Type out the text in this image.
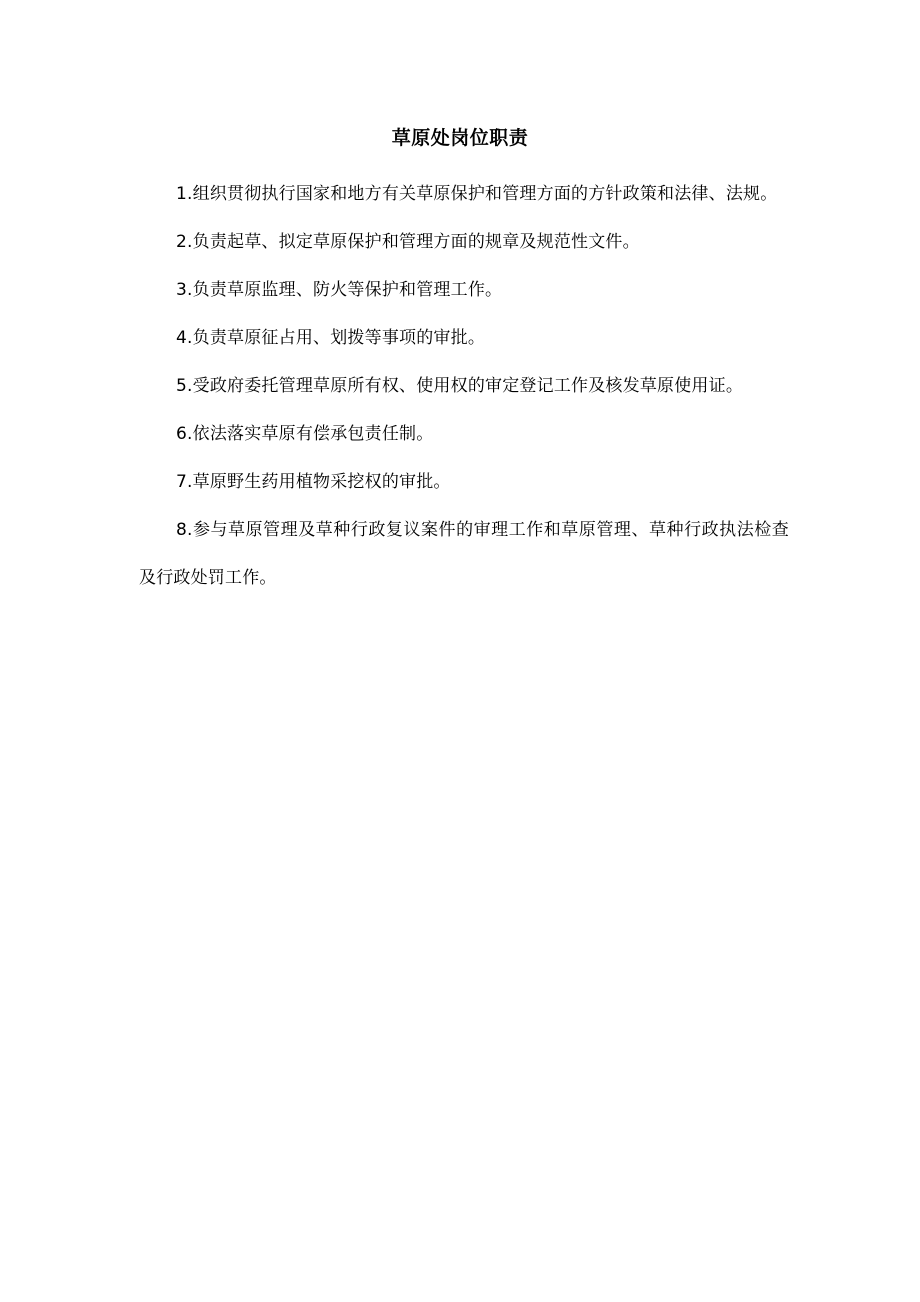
草原处岗位职责

1.组织贯彻执行国家和地方有关草原保护和管理方面的方针政策和法律、法规。

2.负责起草、拟定草原保护和管理方面的规章及规范性文件。

3.负责草原监理、防火等保护和管理工作。

4.负责草原征占用、划拨等事项的审批。

5.受政府委托管理草原所有权、使用权的审定登记工作及核发草原使用证。

6.依法落实草原有偿承包责任制。

7.草原野生药用植物采挖权的审批。

8.参与草原管理及草种行政复议案件的审理工作和草原管理、草种行政执法检查及行政处罚工作。
